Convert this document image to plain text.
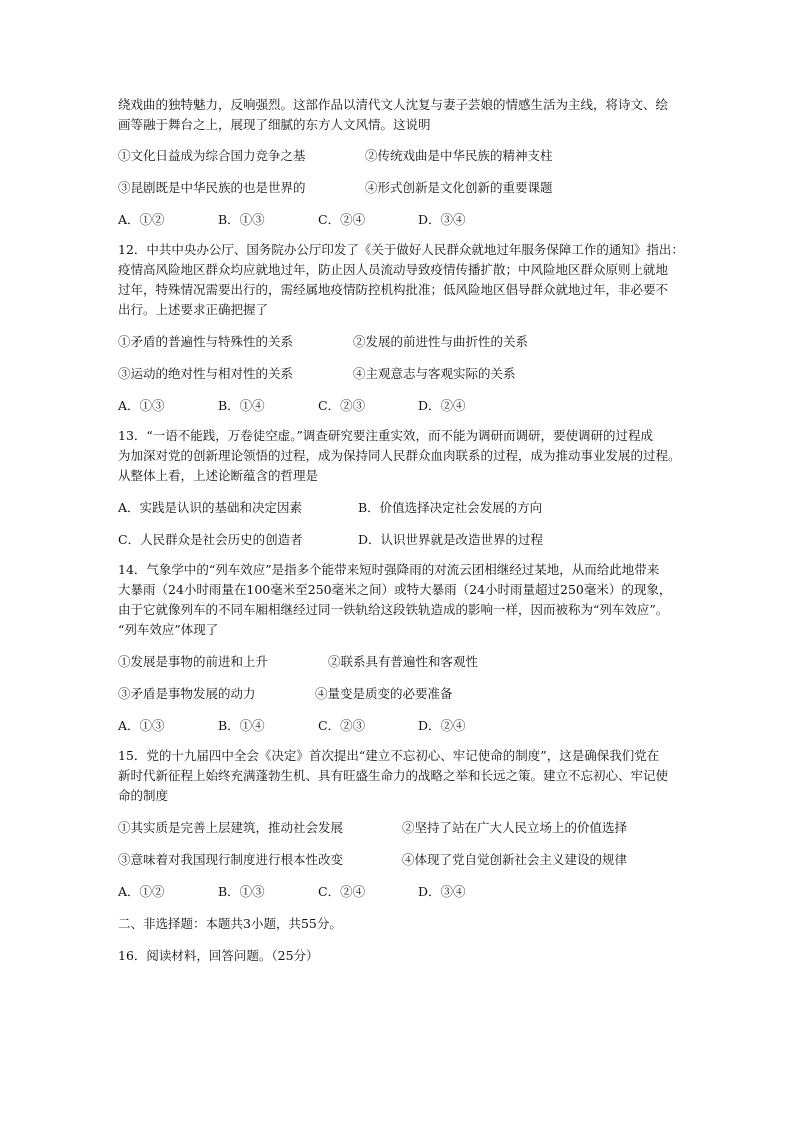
绕戏曲的独特魅力，反响强烈。这部作品以清代文人沈复与妻子芸娘的情感生活为主线，将诗文、绘
画等融于舞台之上，展现了细腻的东方人文风情。这说明
①文化日益成为综合国力竞争之基	②传统戏曲是中华民族的精神支柱
③昆剧既是中华民族的也是世界的	④形式创新是文化创新的重要课题
A．①②	B．①③	C．②④	D．③④
12．中共中央办公厅、国务院办公厅印发了《关于做好人民群众就地过年服务保障工作的通知》指出：
疫情高风险地区群众均应就地过年，防止因人员流动导致疫情传播扩散；中风险地区群众原则上就地
过年，特殊情况需要出行的，需经属地疫情防控机构批准；低风险地区倡导群众就地过年，非必要不
出行。上述要求正确把握了
①矛盾的普遍性与特殊性的关系	②发展的前进性与曲折性的关系
③运动的绝对性与相对性的关系	④主观意志与客观实际的关系
A．①③	B．①④	C．②③	D．②④
13．“一语不能践，万卷徒空虚。”调查研究要注重实效，而不能为调研而调研，要使调研的过程成
为加深对党的创新理论领悟的过程，成为保持同人民群众血肉联系的过程，成为推动事业发展的过程。
从整体上看，上述论断蕴含的哲理是
A．实践是认识的基础和决定因素	B．价值选择决定社会发展的方向
C．人民群众是社会历史的创造者	D．认识世界就是改造世界的过程
14．气象学中的“列车效应”是指多个能带来短时强降雨的对流云团相继经过某地，从而给此地带来
大暴雨（24小时雨量在100毫米至250毫米之间）或特大暴雨（24小时雨量超过250毫米）的现象，
由于它就像列车的不同车厢相继经过同一铁轨给这段铁轨造成的影响一样，因而被称为“列车效应”。
“列车效应”体现了
①发展是事物的前进和上升	②联系具有普遍性和客观性
③矛盾是事物发展的动力	④量变是质变的必要准备
A．①③	B．①④	C．②③	D．②④
15．党的十九届四中全会《决定》首次提出“建立不忘初心、牢记使命的制度”，这是确保我们党在
新时代新征程上始终充满蓬勃生机、具有旺盛生命力的战略之举和长远之策。建立不忘初心、牢记使
命的制度
①其实质是完善上层建筑，推动社会发展	②坚持了站在广大人民立场上的价值选择
③意味着对我国现行制度进行根本性改变	④体现了党自觉创新社会主义建设的规律
A．①②	B．①③	C．②④	D．③④
二、非选择题：本题共3小题，共55分。
16．阅读材料，回答问题。（25分）
